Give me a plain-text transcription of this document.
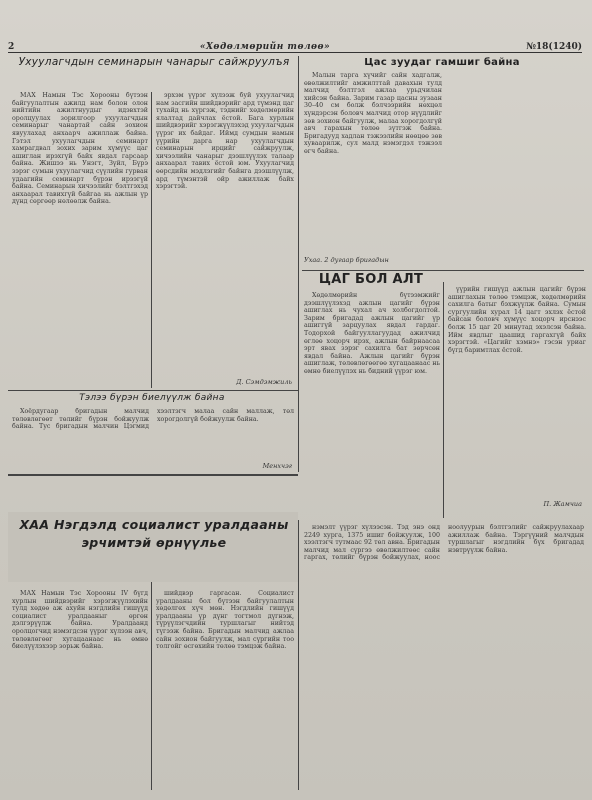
2	«Хөдөлмөрийн төлөө»	№18(1240)
Ухуулагчдын семинарын чанарыг сайжруулъя

МАХ Намын Тэс Хорооны бүтээн байгуулалтын ажилд нам болон олон нийтийн ажилтнуудыг идэвхтэй оролцуулах зорилгоор ухуулагчдын семинарыг чанартай сайн зохион явуулахад анхаарч ажиллаж байна. Гэтэл ухуулагчдын семинарт хамрагдвал зохих зарим хүмүүс цаг ашиглан ирэхгүй байх явдал гарсаар байна. Жишээ нь Унэгт, Зүйл, Бүрэ зэрэг сумын ухуулагчид сүүлийн гурван удаагийн семинарт бүрэн ирээгүй байна. Семинарын хичээлийг бэлтгэхэд анхаарал тавихгүй байгаа нь ажлын үр дүнд сөргөөр нөлөөлж байна.

эрхэм үүрэг хүлээж буй ухуулагчид нам засгийн шийдвэрийг ард түмэнд цаг тухайд нь хүргэж, тэднийг хөдөлмөрийн ялалтад дайчлах ёстой. Бага хурлын шийдвэрийг хэрэгжүүлэхэд ухуулагчдын үүрэг их байдаг. Иймд сумдын намын үүрийн дарга нар ухуулагчдын семинарын ирцийг сайжруулж, хичээлийн чанарыг дээшлүүлэх талаар анхаарал тавих ёстой юм. Ухуулагчид өөрсдийн мэдлэгийг байнга дээшлүүлж, ард түмэнтэй ойр ажиллаж байх хэрэгтэй.

Д. Сэмдэмжиль
Тэлээ бүрэн биелүүлж байна

Хоёрдугаар бригадын малчид төлөвлөгөөт төлийг бүрэн бойжуулж байна. Тус бригадын малчин Цэгмид хээлтэгч малаа сайн маллаж, төл хорогдолгүй бойжуулж байна.

Менхчэг
Цас зуудаг гамшиг байна

Малын тарга хүчийг сайн хадгалж, өвөлжилтийг амжилттай давахын тулд малчид бэлтгэл ажлаа урьдчилан хийсэн байна. Зарим газар цасны зузаан 30–40 см болж бэлчээрийн нөхцөл хүндэрсэн боловч малчид отор нүүдлийг зөв зохион байгуулж, малаа хорогдолгүй авч гарахын төлөө зүтгэж байна. Бригадууд хадлан тэжээлийн нөөцөө зөв хуваарилж, сул малд нэмэгдэл тэжээл өгч байна.

Ухаа. 2 дугаар бригадын
ЦАГ БОЛ АЛТ

Хөдөлмөрийн бүтээмжийг дээшлүүлэхэд ажлын цагийг бүрэн ашиглах нь чухал ач холбогдолтой. Зарим бригадад ажлын цагийг үр ашиггүй зарцуулах явдал гардаг. Тодорхой байгууллагуудад ажилчид өглөө хоцорч ирэх, ажлын байрнаасаа эрт явах зэрэг сахилга бат зөрчсөн явдал байна. Ажлын цагийг бүрэн ашиглаж, төлөвлөгөөгөө хугацаанаас нь өмнө биелүүлэх нь бидний үүрэг юм.

үүрийн гишүүд ажлын цагийг бүрэн ашиглахын төлөө тэмцэж, хөдөлмөрийн сахилга батыг бэхжүүлж байна. Сумын сургуулийн хурал 14 цагт эхлэх ёстой байсан боловч хүмүүс хоцорч ирснээс болж 15 цаг 20 минутад эхэлсэн байна. Ийм явдлыг цаашид гаргахгүй байх хэрэгтэй. «Цагийг хэмнэ» гэсэн уриаг бүгд баримтлах ёстой.

П. Жамчиа
ХАА Нэгдэлд социалист уралдааны эрчимтэй өрнүүлье

МАХ Намын Тэс Хорооны IV бүгд хурлын шийдвэрийг хэрэгжүүлэхийн тулд хөдөө аж ахуйн нэгдлийн гишүүд социалист уралдааныг өргөн дэлгэрүүлж байна. Уралдаанд оролцогчид нэмэгдсэн үүрэг хүлээн авч, төлөвлөгөөг хугацаанаас нь өмнө биелүүлэхээр зорьж байна.

шийдвэр гаргасан. Социалист уралдааны бол бүтээн байгуулалтын хөдөлгөх хүч мөн. Нэгдлийн гишүүд уралдааны үр дүнг тогтмол дүгнэж, түрүүлэгчдийн туршлагыг нийтэд түгээж байна. Бригадын малчид ажлаа сайн зохион байгуулж, мал сүргийн тоо толгойг өсгөхийн төлөө тэмцэж байна.

нэмэлт үүрэг хүлээсэн. Тэд энэ онд 2249 хурга, 1375 ишиг бойжуулж, 100 хээлтэгч тутмаас 92 төл авна. Бригадын малчид мал сүргээ өвөлжилтөөс сайн гаргах, төлийг бүрэн бойжуулах, ноос ноолуурын бэлтгэлийг сайжруулахаар ажиллаж байна. Тэргүүний малчдын туршлагыг нэгдлийн бүх бригадад нэвтрүүлж байна.
